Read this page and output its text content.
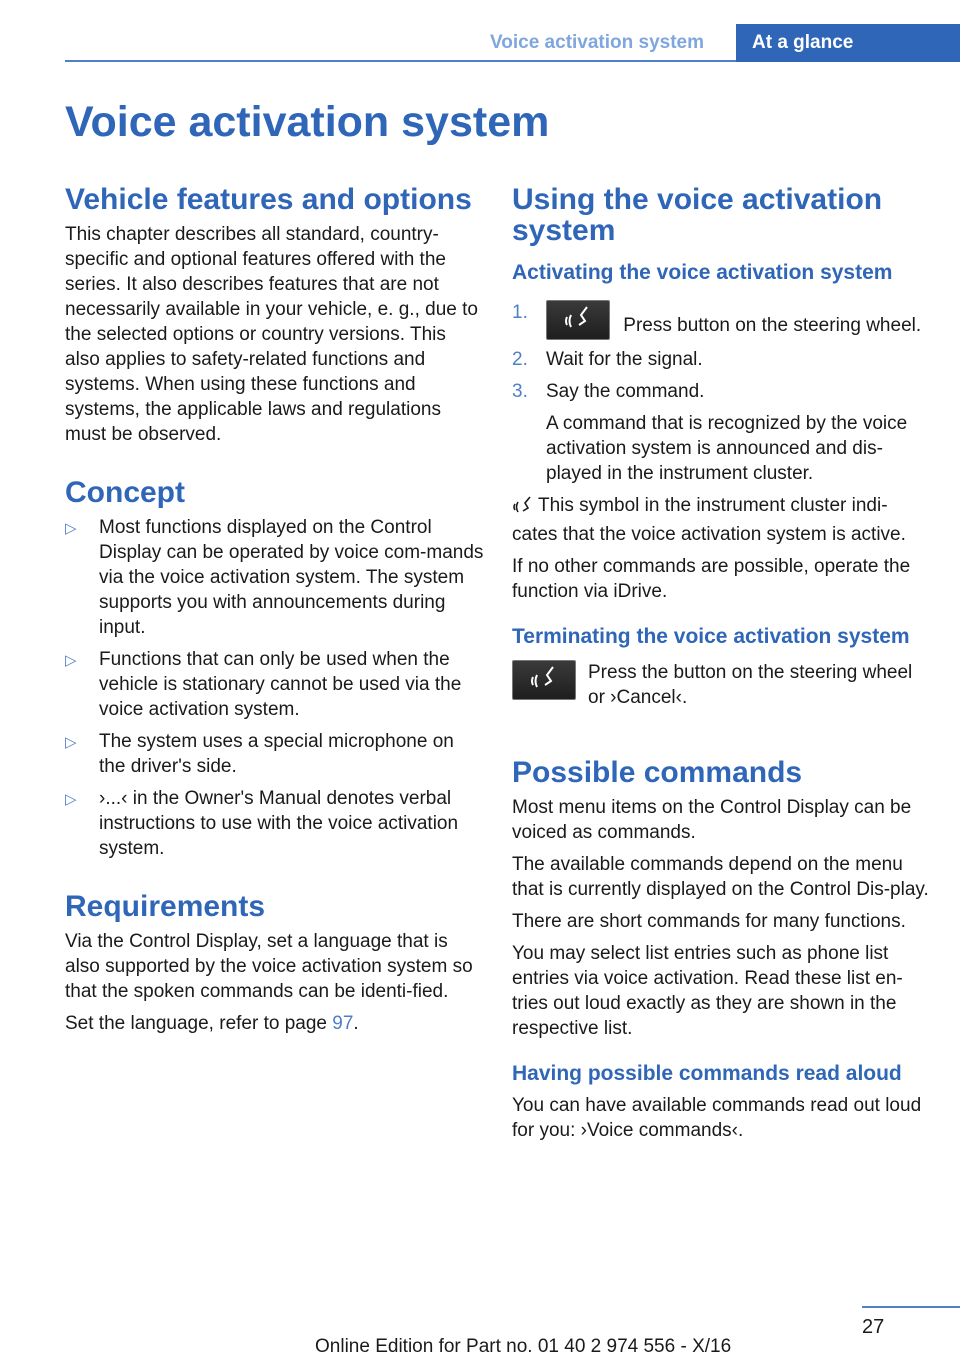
Voice activation system	At a glance
Voice activation system
Vehicle features and options

This chapter describes all standard, country-specific and optional features offered with the series. It also describes features that are not necessarily available in your vehicle, e. g., due to the selected options or country versions. This also applies to safety-related functions and systems. When using these functions and systems, the applicable laws and regulations must be observed.

Concept
▷ Most functions displayed on the Control Display can be operated by voice com-mands via the voice activation system. The system supports you with announcements during input.
▷ Functions that can only be used when the vehicle is stationary cannot be used via the voice activation system.
▷ The system uses a special microphone on the driver's side.
▷ ›...‹ in the Owner's Manual denotes verbal instructions to use with the voice activation system.
Requirements

Via the Control Display, set a language that is also supported by the voice activation system so that the spoken commands can be identi-fied.

Set the language, refer to page 97.

Using the voice activation system
Activating the voice activation system
1.
Press button on the steering wheel.
2. Wait for the signal.
3. Say the command.
A command that is recognized by the voice activation system is announced and dis-played in the instrument cluster.

This symbol in the instrument cluster indi-cates that the voice activation system is active.

If no other commands are possible, operate the function via iDrive.

Terminating the voice activation system

Press the button on the steering wheel or ›Cancel‹.

Possible commands

Most menu items on the Control Display can be voiced as commands.

The available commands depend on the menu that is currently displayed on the Control Dis-play.

There are short commands for many functions.

You may select list entries such as phone list entries via voice activation. Read these list en-tries out loud exactly as they are shown in the respective list.

Having possible commands read aloud

You can have available commands read out loud for you: ›Voice commands‹.

27
Online Edition for Part no. 01 40 2 974 556 - X/16
